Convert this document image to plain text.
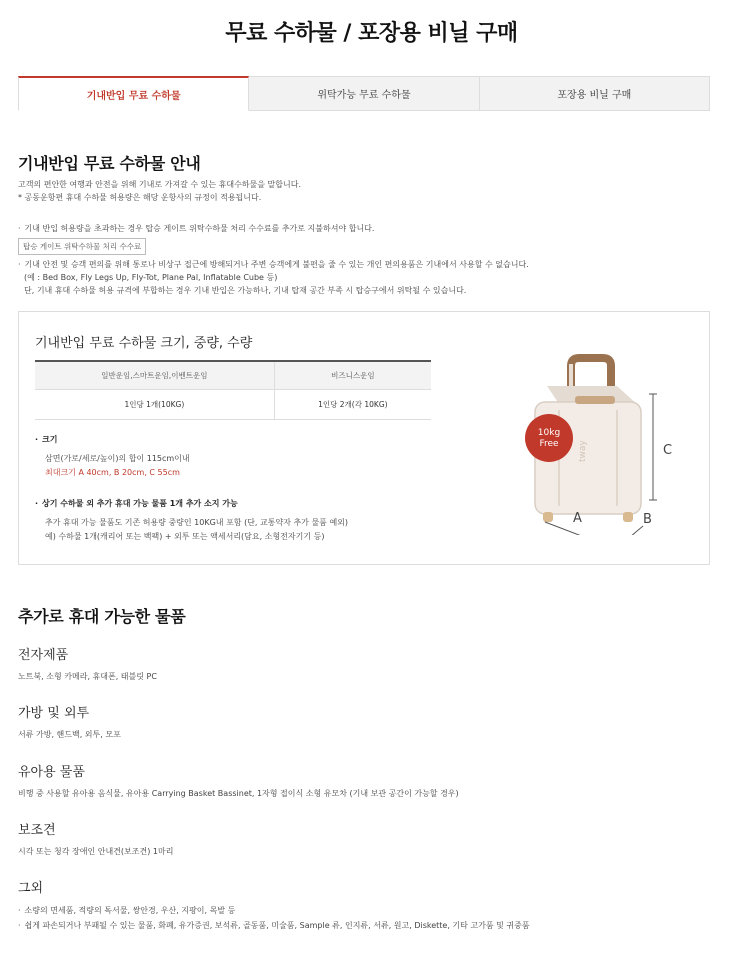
무료 수하물 / 포장용 비닐 구매
기내반입 무료 수하물	위탁가능 무료 수하물	포장용 비닐 구매
기내반입 무료 수하물 안내
고객의 편안한 여행과 안전을 위해 기내로 가져갈 수 있는 휴대수하물을 말합니다.
* 공동운항편 휴대 수하물 허용량은 해당 운항사의 규정이 적용됩니다.
· 기내 반입 허용량을 초과하는 경우 탑승 게이트 위탁수하물 처리 수수료를 추가로 지불하셔야 합니다.
탑승 게이트 위탁수하물 처리 수수료
· 기내 안전 및 승객 편의를 위해 통로나 비상구 접근에 방해되거나 주변 승객에게 불편을 줄 수 있는 개인 편의용품은 기내에서 사용할 수 없습니다.
(예 : Bed Box, Fly Legs Up, Fly-Tot, Plane Pal, Inflatable Cube 등)
단, 기내 휴대 수하물 허용 규격에 부합하는 경우 기내 반입은 가능하나, 기내 탑재 공간 부족 시 탑승구에서 위탁될 수 있습니다.
기내반입 무료 수하물 크기, 중량, 수량
일반운임,스마트운임,이벤트운임	비즈니스운임
1인당 1개(10KG)	1인당 2개(각 10KG)
· 크기
삼면(가로/세로/높이)의 합이 115cm이내
최대크기 A 40cm, B 20cm, C 55cm
· 상기 수하물 외 추가 휴대 가능 물품 1개 추가 소지 가능
추가 휴대 가능 물품도 기존 허용량 중량인 10KG내 포함 (단, 교통약자 추가 물품 예외)
예) 수하물 1개(캐리어 또는 백팩) + 외투 또는 액세서리(담요, 소형전자기기 등)
tway
10kg
Free	C
A	B
추가로 휴대 가능한 물품
전자제품
노트북, 소형 카메라, 휴대폰, 태블릿 PC
가방 및 외투
서류 가방, 핸드백, 외투, 모포
유아용 물품
비행 중 사용할 유아용 음식물, 유아용 Carrying Basket Bassinet, 1자형 접이식 소형 유모차 (기내 보관 공간이 가능할 경우)
보조견
시각 또는 청각 장애인 안내견(보조견) 1마리
그외
· 소량의 면세품, 적량의 독서물, 쌍안경, 우산, 지팡이, 목발 등
· 쉽게 파손되거나 부패될 수 있는 물품, 화폐, 유가증권, 보석류, 골동품, 미술품, Sample 류, 인지류, 서류, 원고, Diskette, 기타 고가품 및 귀중품
